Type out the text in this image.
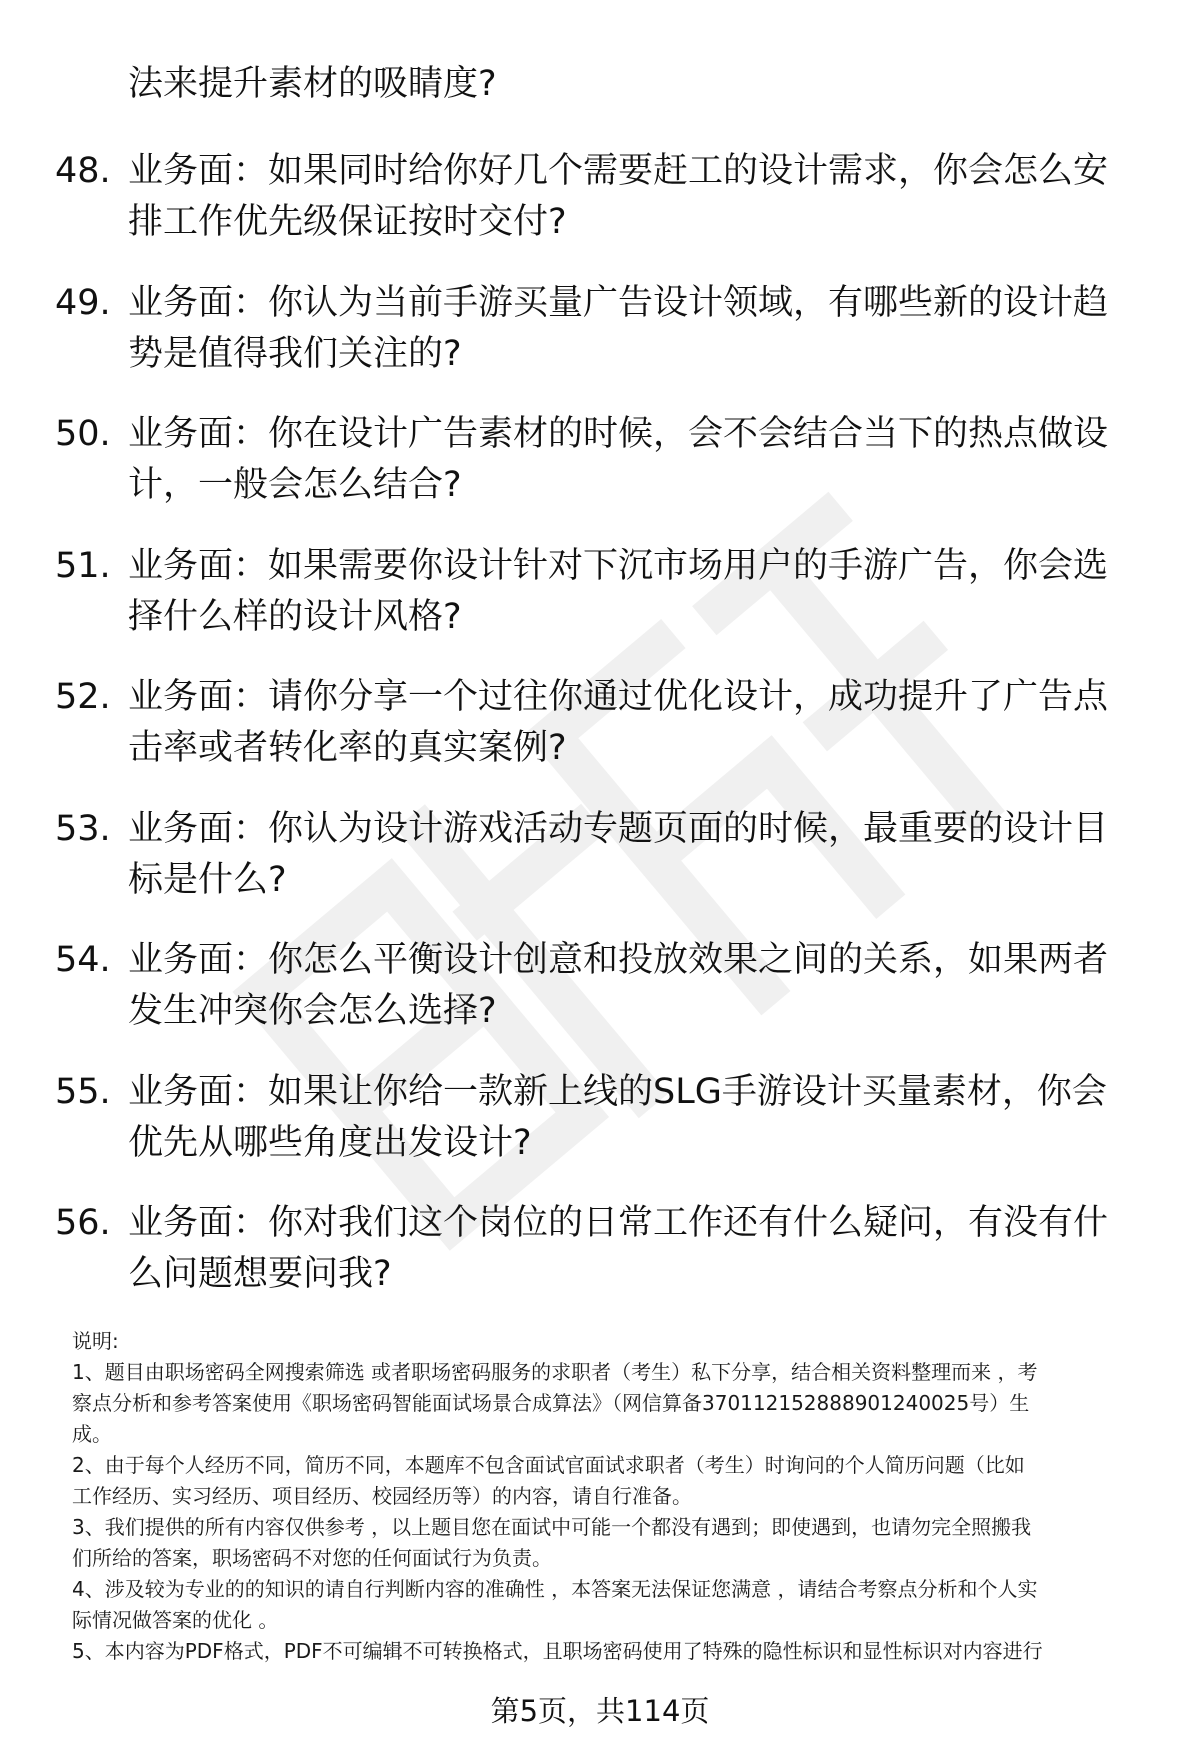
法来提升素材的吸睛度?
48. 业务面：如果同时给你好几个需要赶工的设计需求，你会怎么安
排工作优先级保证按时交付?
49. 业务面：你认为当前手游买量广告设计领域，有哪些新的设计趋
势是值得我们关注的?
50. 业务面：你在设计广告素材的时候，会不会结合当下的热点做设
计，一般会怎么结合?
51. 业务面：如果需要你设计针对下沉市场用户的手游广告，你会选
择什么样的设计风格?
52. 业务面：请你分享一个过往你通过优化设计，成功提升了广告点
击率或者转化率的真实案例?
53. 业务面：你认为设计游戏活动专题页面的时候，最重要的设计目
标是什么?
54. 业务面：你怎么平衡设计创意和投放效果之间的关系，如果两者
发生冲突你会怎么选择?
55. 业务面：如果让你给一款新上线的SLG手游设计买量素材，你会
优先从哪些角度出发设计?
56. 业务面：你对我们这个岗位的日常工作还有什么疑问，有没有什
么问题想要问我?
说明:
1、题目由职场密码全网搜索筛选 或者职场密码服务的求职者（考生）私下分享，结合相关资料整理而来 ，考
察点分析和参考答案使用《职场密码智能面试场景合成算法》（网信算备370112152888901240025号）生
成。
2、由于每个人经历不同，简历不同，本题库不包含面试官面试求职者（考生）时询问的个人简历问题（比如
工作经历、实习经历、项目经历、校园经历等）的内容，请自行准备。
3、我们提供的所有内容仅供参考 ，以上题目您在面试中可能一个都没有遇到；即使遇到，也请勿完全照搬我
们所给的答案，职场密码不对您的任何面试行为负责。
4、涉及较为专业的的知识的请自行判断内容的准确性 ，本答案无法保证您满意 ，请结合考察点分析和个人实
际情况做答案的优化 。
5、本内容为PDF格式，PDF不可编辑不可转换格式，且职场密码使用了特殊的隐性标识和显性标识对内容进行
第5页，共114页
